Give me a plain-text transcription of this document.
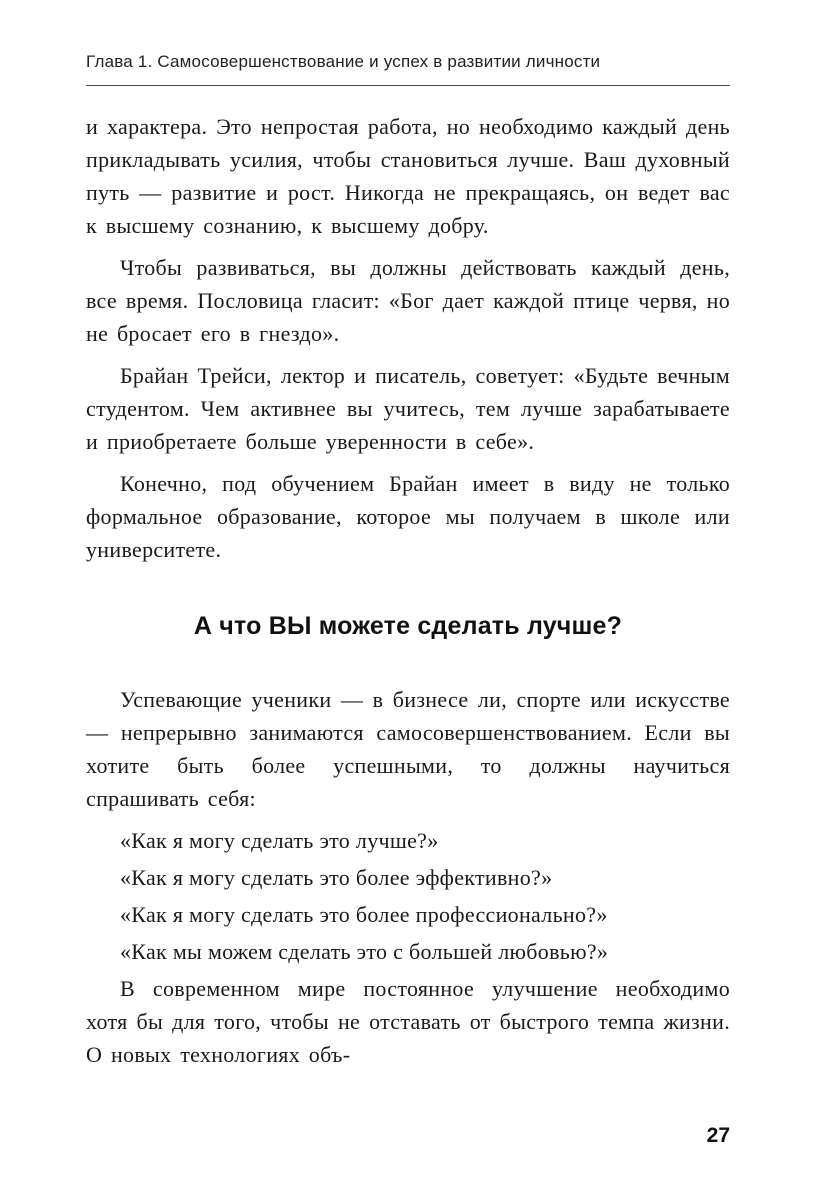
Глава 1. Самосовершенствование и успех в развитии личности

и характера. Это непростая работа, но необходимо каждый день прикладывать усилия, чтобы становиться лучше. Ваш духовный путь — развитие и рост. Никогда не прекращаясь, он ведет вас к высшему сознанию, к высшему добру.

Чтобы развиваться, вы должны действовать каждый день, все время. Пословица гласит: «Бог дает каждой птице червя, но не бросает его в гнездо».

Брайан Трейси, лектор и писатель, советует: «Будьте вечным студентом. Чем активнее вы учитесь, тем лучше зарабатываете и приобретаете больше уверенности в себе».

Конечно, под обучением Брайан имеет в виду не только формальное образование, которое мы получаем в школе или университете.

А что ВЫ можете сделать лучше?

Успевающие ученики — в бизнесе ли, спорте или искусстве — непрерывно занимаются самосовершенствованием. Если вы хотите быть более успешными, то должны научиться спрашивать себя:

«Как я могу сделать это лучше?»

«Как я могу сделать это более эффективно?»

«Как я могу сделать это более профессионально?»

«Как мы можем сделать это с большей любовью?»

В современном мире постоянное улучшение необходимо хотя бы для того, чтобы не отставать от быстрого темпа жизни. О новых технологиях объ-

27
